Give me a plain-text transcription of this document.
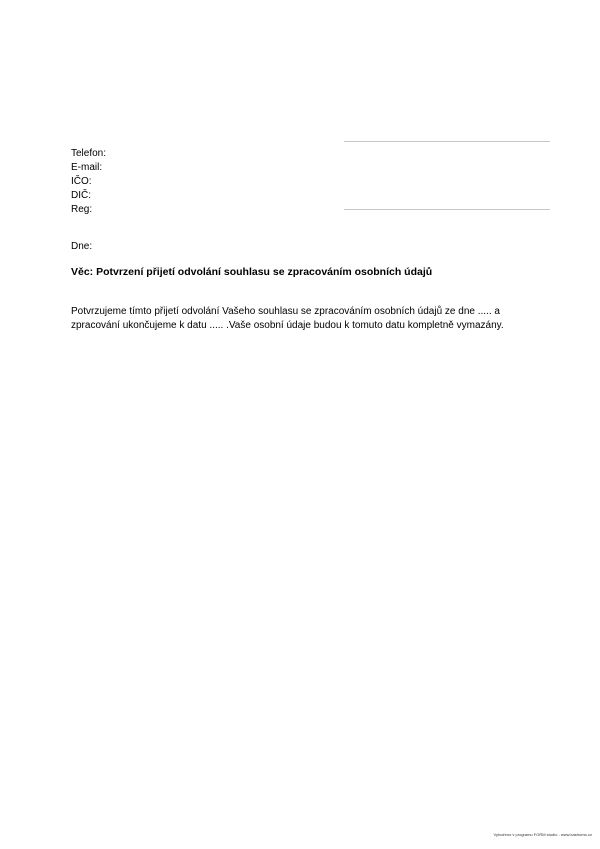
Telefon:
E-mail:
IČO:
DIČ:
Reg:
Dne:
Věc: Potvrzení přijetí odvolání souhlasu se zpracováním osobních údajů
Potvrzujeme tímto přijetí odvolání Vašeho souhlasu se zpracováním osobních údajů ze dne ..... a
zpracování ukončujeme k datu ..... .Vaše osobní údaje budou k tomuto datu kompletně vymazány.
Vytvořeno v programu FORM studio - www.kastromo.cz
